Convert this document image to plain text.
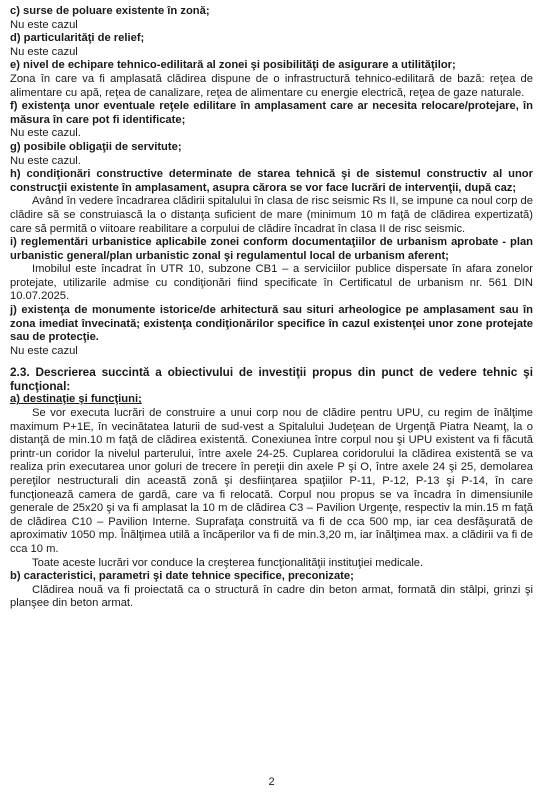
c) surse de poluare existente în zonă;

Nu este cazul

d) particularităţi de relief;

Nu este cazul

e) nivel de echipare tehnico-edilitară al zonei şi posibilităţi de asigurare a utilităţilor;

Zona în care va fi amplasată clădirea dispune de o infrastructură tehnico-edilitară de bază: reţea de alimentare cu apă, reţea de canalizare, reţea de alimentare cu energie electrică, reţea de gaze naturale.

f) existenţa unor eventuale reţele edilitare în amplasament care ar necesita relocare/protejare, în măsura în care pot fi identificate;

Nu este cazul.

g) posibile obligaţii de servitute;

Nu este cazul.

h) condiţionări constructive determinate de starea tehnică şi de sistemul constructiv al unor construcţii existente în amplasament, asupra cărora se vor face lucrări de intervenţii, după caz;

Având în vedere încadrarea clădirii spitalului în clasa de risc seismic Rs II, se impune ca noul corp de clădire să se construiască la o distanţa suficient de mare (minimum 10 m faţă de clădirea expertizată) care să permită o viitoare reabilitare a corpului de clădire încadrat în clasa II de risc seismic.

i) reglementări urbanistice aplicabile zonei conform documentaţiilor de urbanism aprobate - plan urbanistic general/plan urbanistic zonal şi regulamentul local de urbanism aferent;

Imobilul este încadrat în UTR 10, subzone CB1 – a serviciilor publice dispersate în afara zonelor protejate, utilizarile admise cu condiţionări fiind specificate în Certificatul de urbanism nr. 561 DIN 10.07.2025.

j) existenţa de monumente istorice/de arhitectură sau situri arheologice pe amplasament sau în zona imediat învecinată; existenţa condiţionărilor specifice în cazul existenţei unor zone protejate sau de protecţie.

Nu este cazul

2.3. Descrierea succintă a obiectivului de investiţii propus din punct de vedere tehnic şi funcţional:

a) destinaţie şi funcţiuni;

Se vor executa lucrări de construire a unui corp nou de clădire pentru UPU, cu regim de înălţime maximum P+1E, în vecinătatea laturii de sud-vest a Spitalului Judeţean de Urgenţă Piatra Neamţ, la o distanţă de min.10 m faţă de clădirea existentă. Conexiunea între corpul nou şi UPU existent va fi făcută printr-un coridor la nivelul parterului, între axele 24-25. Cuplarea coridorului la clădirea existentă se va realiza prin executarea unor goluri de trecere în pereţii din axele P şi O, între axele 24 şi 25, demolarea pereţilor nestructurali din această zonă şi desfiinţarea spaţiilor P-11, P-12, P-13 şi P-14, în care funcţionează camera de gardă, care va fi relocată. Corpul nou propus se va încadra în dimensiunile generale de 25x20 şi va fi amplasat la 10 m de clădirea C3 – Pavilion Urgenţe, respectiv la min.15 m faţă de clădirea C10 – Pavilion Interne. Suprafaţa construită va fi de cca 500 mp, iar cea desfăşurată de aproximativ 1050 mp. Înălţimea utilă a încăperilor va fi de min.3,20 m, iar înălţimea max. a clădirii va fi de cca 10 m.

Toate aceste lucrări vor conduce la creşterea funcţionalităţii instituţiei medicale.

b) caracteristici, parametri şi date tehnice specifice, preconizate;

Clădirea nouă va fi proiectată ca o structură în cadre din beton armat, formată din stâlpi, grinzi şi planşee din beton armat.

2
